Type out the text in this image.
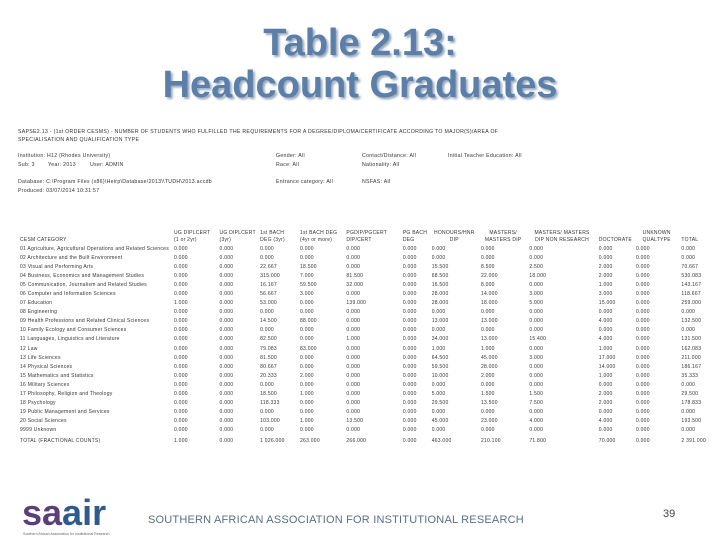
Table 2.13:
Headcount Graduates
SAPSE2.13 - (1st ORDER CESMS) - NUMBER OF STUDENTS WHO FULFILLED THE REQUIREMENTS FOR A DEGREE/DIPLOMA/CERTIFICATE ACCORDING TO MAJOR(S)/AREA OF SPECIALISATION AND QUALIFICATION TYPE
Institution: H12 (Rhodes University)	Gender: All	Contact/Distance: All	Initial Teacher Education: All
Sub: 3	Year: 2013	User: ADMIN	Race: All	Nationality: All
Database: C:\Program Files (x86)\Heirp\Database\2013\\TUDH\2013.accdb	Entrance category: All	NSFAS: All
Produced: 03/07/2014 10:31:57
CESM CATEGORY	UG DIPLCERT (1 or 2yr)	UG DIPLCERT (3yr)	1st BACH DEG (3yr)	1st BACH DEG (4yr or more)	PGDIP/PGCERT DIP/CERT	PG BACH DEG	HONOURS/HNR DIP	MASTERS/ MASTERS DIP	MASTERS/ MASTERS DIP NON RESEARCH	DOCTORATE	UNKNOWN QUALTYPE	TOTAL
01 Agriculture, Agricultural Operations and Related Sciences	0.000	0.000	0.000	0.000	0.000	0.000	0.000	0.000	0.000	0.000	0.000	0.000
02 Architecture and the Built Environment	0.000	0.000	0.000	0.000	0.000	0.000	0.000	0.000	0.000	0.000	0.000	0.000
03 Visual and Performing Arts	0.000	0.000	22.667	18.500	0.000	0.000	15.500	8.500	2.500	2.000	0.000	70.667
04 Business, Economics and Management Studies	0.000	0.000	315.000	7.000	81.500	0.000	68.500	22.000	18.000	2.000	0.000	530.083
05 Communication, Journalism and Related Studies	0.000	0.000	16.167	59.500	32.000	0.000	16.500	8.000	0.000	1.000	0.000	143.167
06 Computer and Information Sciences	0.000	0.000	56.667	3.000	0.000	0.000	28.000	14.000	3.000	3.000	0.000	118.667
07 Education	1.000	0.000	53.000	0.000	139.000	0.000	28.000	18.000	5.000	15.000	0.000	259.000
08 Engineering	0.000	0.000	0.000	0.000	0.000	0.000	0.000	0.000	0.000	0.000	0.000	0.000
09 Health Professions and Related Clinical Sciences	0.000	0.000	14.500	88.000	0.000	0.000	13.000	13.000	0.000	4.000	0.000	132.500
10 Family Ecology and Consumer Sciences	0.000	0.000	0.000	0.000	0.000	0.000	0.000	0.000	0.000	0.000	0.000	0.000
11 Languages, Linguistics and Literature	0.000	0.000	82.500	0.000	1.000	0.000	34.000	13.000	15.400	4.000	0.000	131.500
12 Law	0.000	0.000	79.083	83.000	0.000	0.000	1.000	1.000	0.000	1.000	0.000	162.083
13 Life Sciences	0.000	0.000	81.500	0.000	0.000	0.000	64.500	45.000	3.000	17.000	0.000	211.000
14 Physical Sciences	0.000	0.000	80.667	0.000	0.000	0.000	59.500	28.000	0.000	14.000	0.000	186.167
15 Mathematics and Statistics	0.000	0.000	20.333	2.000	0.000	0.000	10.000	2.000	0.000	1.000	0.000	35.333
16 Military Sciences	0.000	0.000	0.000	0.000	0.000	0.000	0.000	0.000	0.000	0.000	0.000	0.000
17 Philosophy, Religion and Theology	0.000	0.000	18.500	1.000	0.000	0.000	5.000	1.500	1.500	2.000	0.000	29.500
18 Psychology	0.000	0.000	118.333	0.000	0.000	0.000	29.500	13.500	7.500	2.000	0.000	178.833
19 Public Management and Services	0.000	0.000	0.000	0.000	0.000	0.000	0.000	0.000	0.000	0.000	0.000	0.000
20 Social Sciences	0.000	0.000	103.000	1.000	13.500	0.000	45.000	23.000	4.000	4.000	0.000	193.500
9999 Unknown	0.000	0.000	0.000	0.000	0.000	0.000	0.000	0.000	0.000	0.000	0.000	0.000
TOTAL (FRACTIONAL COUNTS)	1.000	0.000	1 026.000	263.000	266.000	0.000	463.000	210.100	71.800	70.000	0.000	2 391.000
saair
Southern African Association for Institutional Research
SOUTHERN AFRICAN ASSOCIATION FOR INSTITUTIONAL RESEARCH	39
